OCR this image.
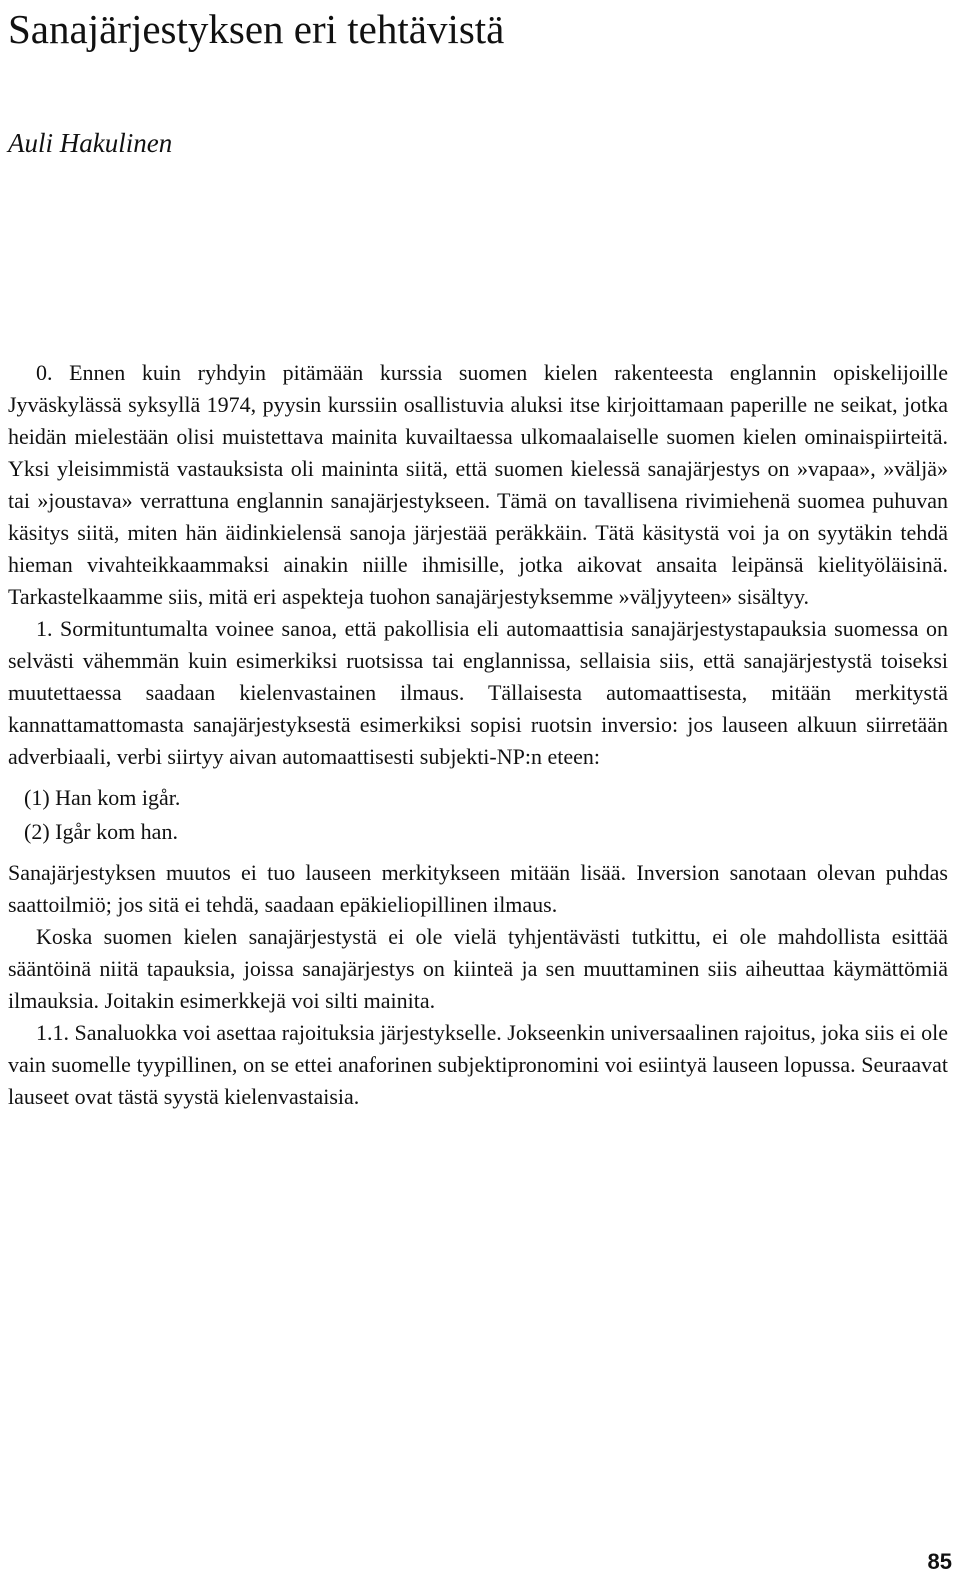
Sanajärjestyksen eri tehtävistä

Auli Hakulinen

0. Ennen kuin ryhdyin pitämään kurssia suomen kielen rakenteesta englannin opiskelijoille Jyväskylässä syksyllä 1974, pyysin kurssiin osallistuvia aluksi itse kirjoittamaan paperille ne seikat, jotka heidän mielestään olisi muistettava mainita kuvailtaessa ulkomaalaiselle suomen kielen ominaispiirteitä. Yksi yleisimmistä vastauksista oli maininta siitä, että suomen kielessä sanajärjestys on »vapaa», »väljä» tai »joustava» verrattuna englannin sanajärjestykseen. Tämä on tavallisena rivimiehenä suomea puhuvan käsitys siitä, miten hän äidinkielensä sanoja järjestää peräkkäin. Tätä käsitystä voi ja on syytäkin tehdä hieman vivahteikkaammaksi ainakin niille ihmisille, jotka aikovat ansaita leipänsä kielityöläisinä. Tarkastelkaamme siis, mitä eri aspekteja tuohon sanajärjestyksemme »väljyyteen» sisältyy.

1. Sormituntumalta voinee sanoa, että pakollisia eli automaattisia sanajärjestystapauksia suomessa on selvästi vähemmän kuin esimerkiksi ruotsissa tai englannissa, sellaisia siis, että sanajärjestystä toiseksi muutettaessa saadaan kielenvastainen ilmaus. Tällaisesta automaattisesta, mitään merkitystä kannattamattomasta sanajärjestyksestä esimerkiksi sopisi ruotsin inversio: jos lauseen alkuun siirretään adverbiaali, verbi siirtyy aivan automaattisesti subjekti-NP:n eteen:

(1) Han kom igår.
(2) Igår kom han.

Sanajärjestyksen muutos ei tuo lauseen merkitykseen mitään lisää. Inversion sanotaan olevan puhdas saattoilmiö; jos sitä ei tehdä, saadaan epäkieliopillinen ilmaus.

Koska suomen kielen sanajärjestystä ei ole vielä tyhjentävästi tutkittu, ei ole mahdollista esittää sääntöinä niitä tapauksia, joissa sanajärjestys on kiinteä ja sen muuttaminen siis aiheuttaa käymättömiä ilmauksia. Joitakin esimerkkejä voi silti mainita.

1.1. Sanaluokka voi asettaa rajoituksia järjestykselle. Jokseenkin universaalinen rajoitus, joka siis ei ole vain suomelle tyypillinen, on se ettei anaforinen subjektipronomini voi esiintyä lauseen lopussa. Seuraavat lauseet ovat tästä syystä kielenvastaisia.

85
